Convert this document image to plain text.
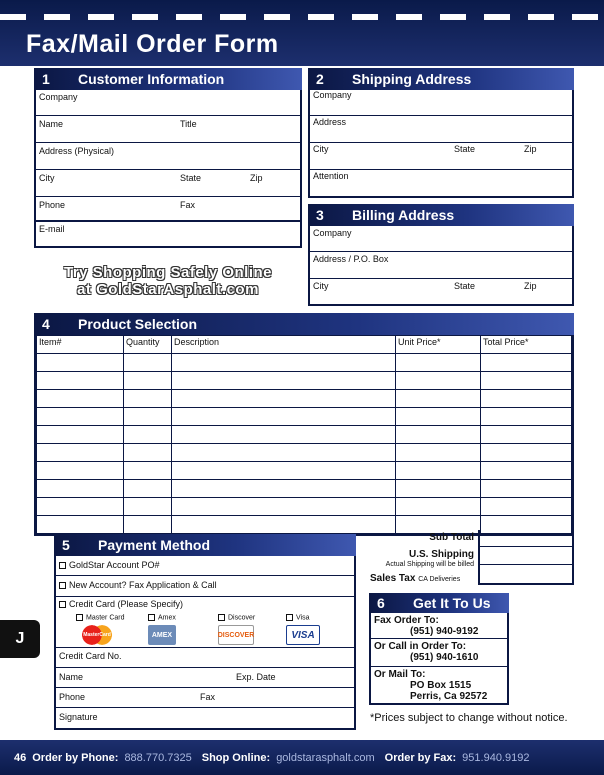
Fax/Mail Order Form
1	Customer Information
Company
Name	Title
Address (Physical)
City	State	Zip
Phone	Fax
E-mail
Try Shopping Safely Online
at GoldStarAsphalt.com
2	Shipping Address
Company
Address
City	State	Zip
Attention
3	Billing Address
Company
Address / P.O. Box
City	State	Zip
4	Product Selection
Item#	Quantity	Description	Unit Price*	Total Price*

Sub Total
U.S. Shipping
Actual Shipping will be billed
Sales Tax CA Deliveries
5	Payment Method
GoldStar Account PO#
New Account? Fax Application & Call
Credit Card (Please Specify)
Master Card	Amex	Discover	Visa
MasterCard	AMEX	DISCOVER	VISA
Credit Card No.
Name	Exp. Date
Phone	Fax
Signature
6	Get It To Us
Fax Order To:
(951) 940-9192
Or Call in Order To:
(951) 940-1610
Or Mail To:
PO Box 1515
Perris, Ca 92572
*Prices subject to change without notice.
J
46 Order by Phone: 888.770.7325 Shop Online: goldstarasphalt.com Order by Fax: 951.940.9192
